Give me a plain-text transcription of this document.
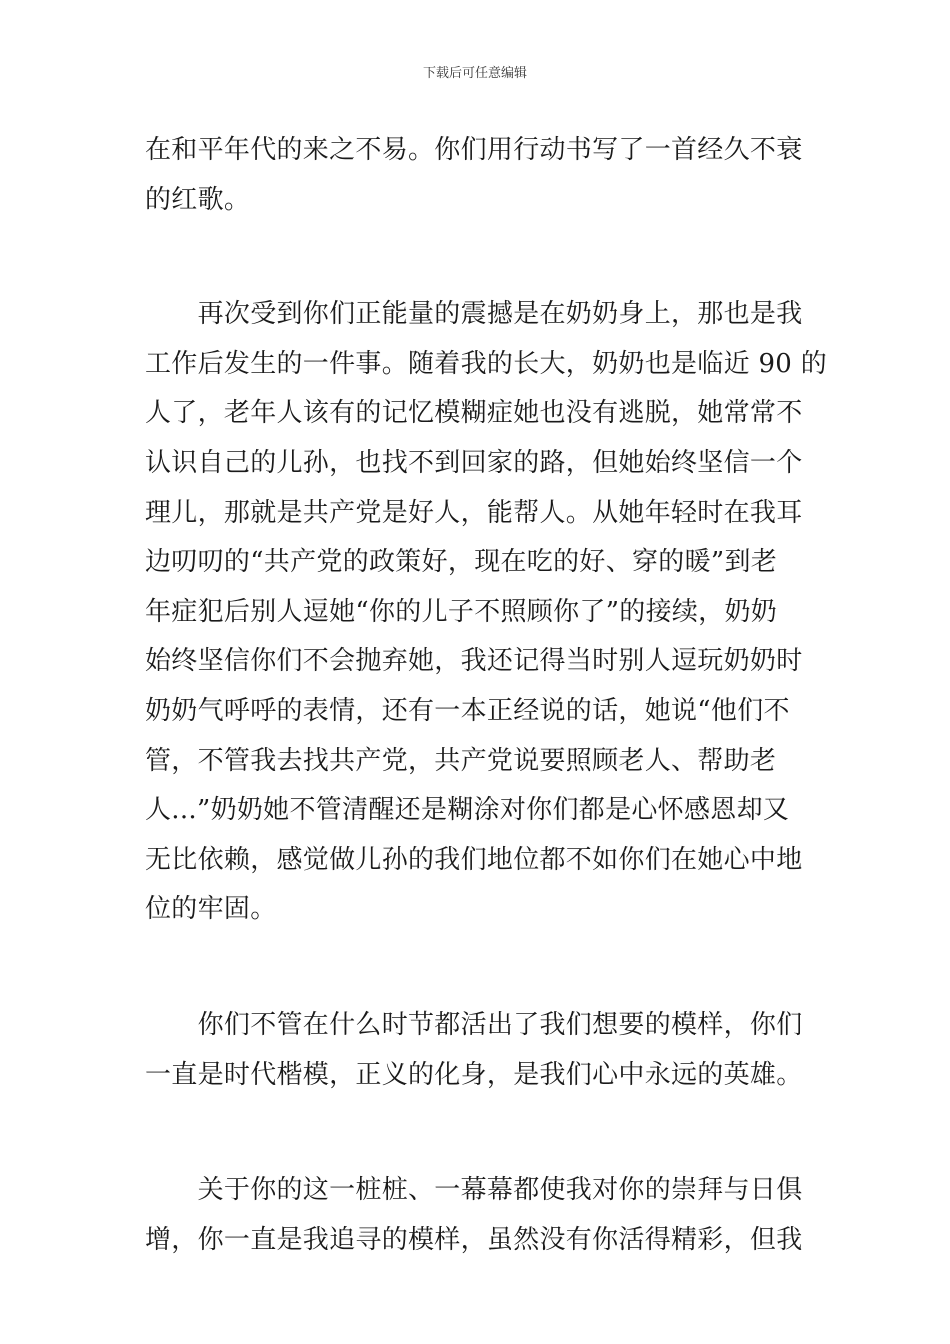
下载后可任意编辑

在和平年代的来之不易。你们用行动书写了一首经久不衰
的红歌。

　　再次受到你们正能量的震撼是在奶奶身上，那也是我
工作后发生的一件事。随着我的长大，奶奶也是临近 90 的
人了，老年人该有的记忆模糊症她也没有逃脱，她常常不
认识自己的儿孙，也找不到回家的路，但她始终坚信一个
理儿，那就是共产党是好人，能帮人。从她年轻时在我耳
边叨叨的“共产党的政策好，现在吃的好、穿的暖”到老
年症犯后别人逗她“你的儿子不照顾你了”的接续，奶奶
始终坚信你们不会抛弃她，我还记得当时别人逗玩奶奶时
奶奶气呼呼的表情，还有一本正经说的话，她说“他们不
管，不管我去找共产党，共产党说要照顾老人、帮助老
人...”奶奶她不管清醒还是糊涂对你们都是心怀感恩却又
无比依赖，感觉做儿孙的我们地位都不如你们在她心中地
位的牢固。

　　你们不管在什么时节都活出了我们想要的模样，你们
一直是时代楷模，正义的化身，是我们心中永远的英雄。

　　关于你的这一桩桩、一幕幕都使我对你的崇拜与日俱
增，你一直是我追寻的模样，虽然没有你活得精彩，但我
